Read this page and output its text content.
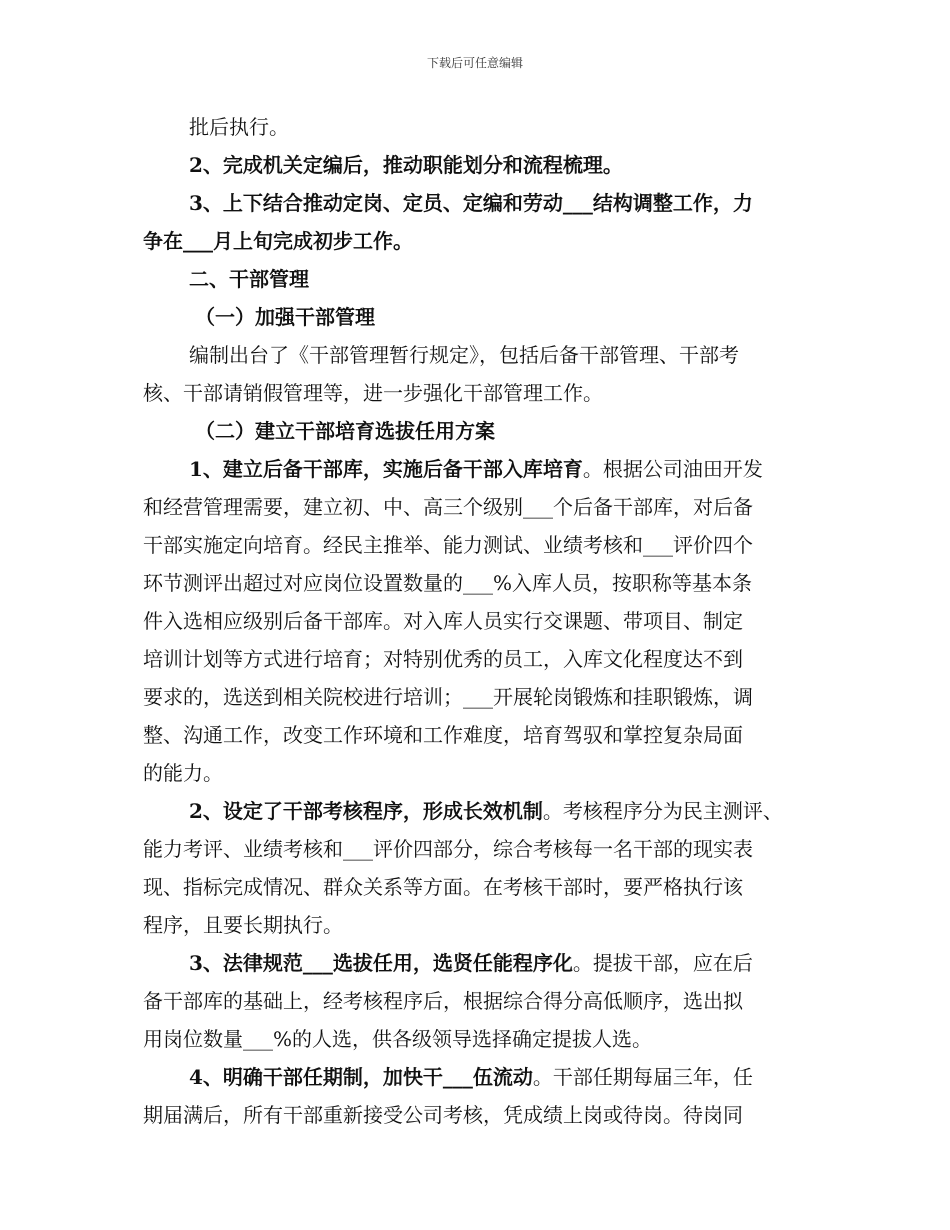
下载后可任意编辑
批后执行。
2、完成机关定编后，推动职能划分和流程梳理。
3、上下结合推动定岗、定员、定编和劳动___结构调整工作，力
争在___月上旬完成初步工作。
二、干部管理
（一）加强干部管理
编制出台了《干部管理暂行规定》，包括后备干部管理、干部考
核、干部请销假管理等，进一步强化干部管理工作。
（二）建立干部培育选拔任用方案
1、建立后备干部库，实施后备干部入库培育。根据公司油田开发
和经营管理需要，建立初、中、高三个级别___个后备干部库，对后备
干部实施定向培育。经民主推举、能力测试、业绩考核和___评价四个
环节测评出超过对应岗位设置数量的___%入库人员，按职称等基本条
件入选相应级别后备干部库。对入库人员实行交课题、带项目、制定
培训计划等方式进行培育；对特别优秀的员工，入库文化程度达不到
要求的，选送到相关院校进行培训；___开展轮岗锻炼和挂职锻炼，调
整、沟通工作，改变工作环境和工作难度，培育驾驭和掌控复杂局面
的能力。
2、设定了干部考核程序，形成长效机制。考核程序分为民主测评、
能力考评、业绩考核和___评价四部分，综合考核每一名干部的现实表
现、指标完成情况、群众关系等方面。在考核干部时，要严格执行该
程序，且要长期执行。
3、法律规范___选拔任用，选贤任能程序化。提拔干部，应在后
备干部库的基础上，经考核程序后，根据综合得分高低顺序，选出拟
用岗位数量___%的人选，供各级领导选择确定提拔人选。
4、明确干部任期制，加快干___伍流动。干部任期每届三年，任
期届满后，所有干部重新接受公司考核，凭成绩上岗或待岗。待岗同
